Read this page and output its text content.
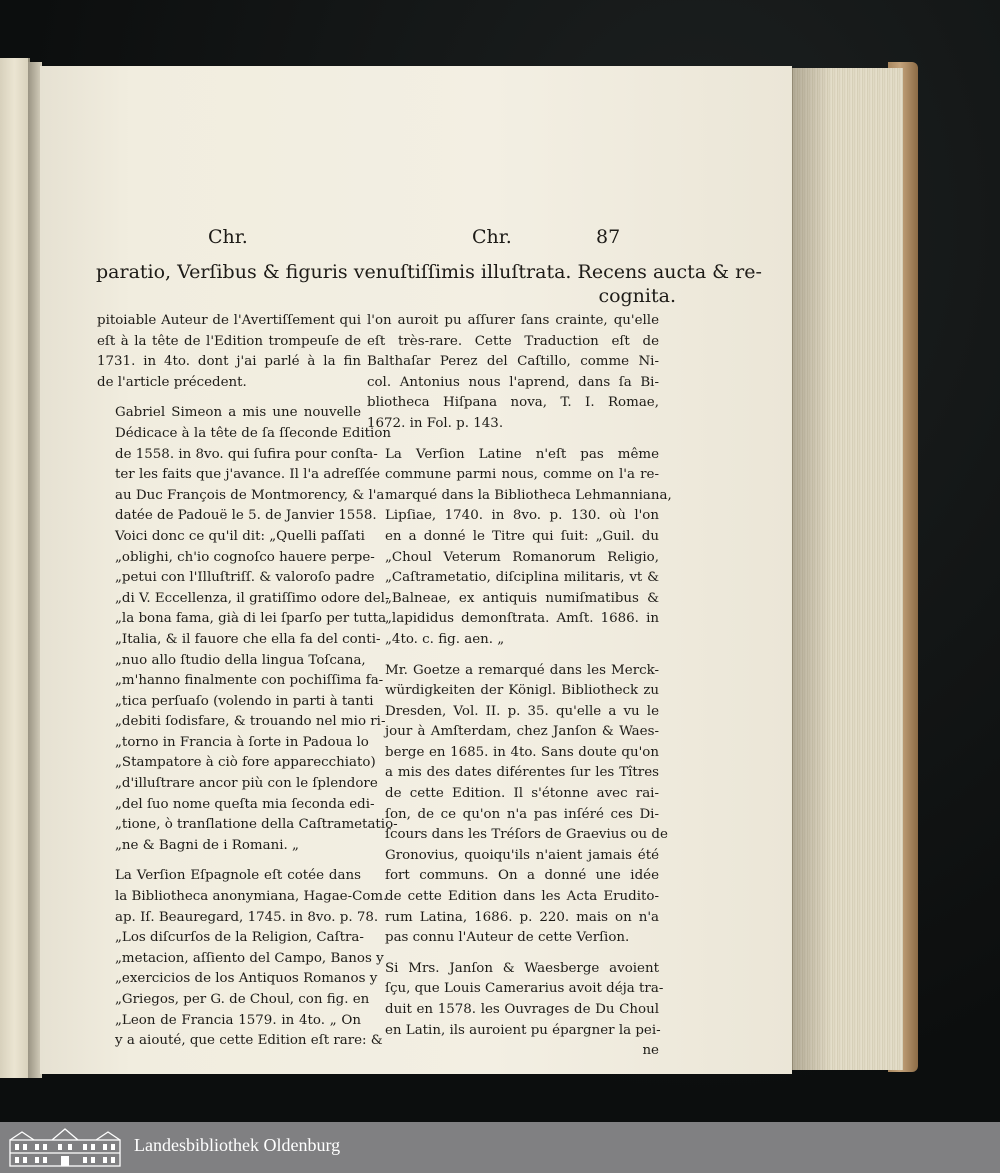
Chr.	Chr.	87
paratio, Verſibus & figuris venuſtiſſimis illuſtrata. Recens aucta & re-
cognita.

pitoiable Auteur de l'Avertiſſement qui
eſt à la tête de l'Edition trompeuſe de
1731. in 4to. dont j'ai parlé à la fin
de l'article précedent.

Gabriel Simeon a mis une nouvelle
Dédicace à la tête de ſa ſſeconde Edition
de 1558. in 8vo. qui ſufira pour conſta-
ter les faits que j'avance. Il l'a adreſſée
au Duc François de Montmorency, & l'a
datée de Padouë le 5. de Janvier 1558.
Voici donc ce qu'il dit: „Quelli paſſati
„oblighi, ch'io cognoſco hauere perpe-
„petui con l'Illuſtriſſ. & valoroſo padre
„di V. Eccellenza, il gratiſſimo odore del-
„la bona fama, già di lei ſparſo per tutta
„Italia, & il fauore che ella fa del conti-
„nuo allo ſtudio della lingua Toſcana,
„m'hanno finalmente con pochiſſima fa-
„tica perſuaſo (volendo in parti à tanti
„debiti ſodisfare, & trouando nel mio ri-
„torno in Francia à ſorte in Padoua lo
„Stampatore à ciò fore apparecchiato)
„d'illuſtrare ancor più con le ſplendore
„del ſuo nome queſta mia ſeconda edi-
„tione, ò tranſlatione della Caſtrametatio-
„ne & Bagni de i Romani. „

La Verſion Eſpagnole eſt cotée dans
la Bibliotheca anonymiana, Hagae-Com.
ap. Iſ. Beauregard, 1745. in 8vo. p. 78.
„Los diſcurſos de la Religion, Caſtra-
„metacion, aſſiento del Campo, Banos y
„exercicios de los Antiquos Romanos y
„Griegos, per G. de Choul, con fig. en
„Leon de Francia 1579. in 4to. „ On
y a aiouté, que cette Edition eſt rare: &

l'on auroit pu aſſurer ſans crainte, qu'elle
eſt très-rare. Cette Traduction eſt de
Balthaſar Perez del Caſtillo, comme Ni-
col. Antonius nous l'aprend, dans ſa Bi-
bliotheca Hiſpana nova, T. I. Romae,
1672. in Fol. p. 143.

La Verſion Latine n'eſt pas même
commune parmi nous, comme on l'a re-
marqué dans la Bibliotheca Lehmanniana,
Lipſiae, 1740. in 8vo. p. 130. où l'on
en a donné le Titre qui ſuit: „Guil. du
„Choul Veterum Romanorum Religio,
„Caſtrametatio, diſciplina militaris, vt &
„Balneae, ex antiquis numiſmatibus &
„lapididus demonſtrata. Amſt. 1686. in
„4to. c. fig. aen. „

Mr. Goetze a remarqué dans les Merck-
würdigkeiten der Königl. Bibliotheck zu
Dresden, Vol. II. p. 35. qu'elle a vu le
jour à Amſterdam, chez Janſon & Waes-
berge en 1685. in 4to. Sans doute qu'on
a mis des dates diférentes ſur les Tîtres
de cette Edition. Il s'étonne avec rai-
ſon, de ce qu'on n'a pas inſéré ces Di-
ſcours dans les Tréſors de Graevius ou de
Gronovius, quoiqu'ils n'aient jamais été
fort communs. On a donné une idée
de cette Edition dans les Acta Erudito-
rum Latina, 1686. p. 220. mais on n'a
pas connu l'Auteur de cette Verſion.

Si Mrs. Janſon & Waesberge avoient
ſçu, que Louis Camerarius avoit déja tra-
duit en 1578. les Ouvrages de Du Choul
en Latin, ils auroient pu épargner la pei-

ne
Landesbibliothek Oldenburg
